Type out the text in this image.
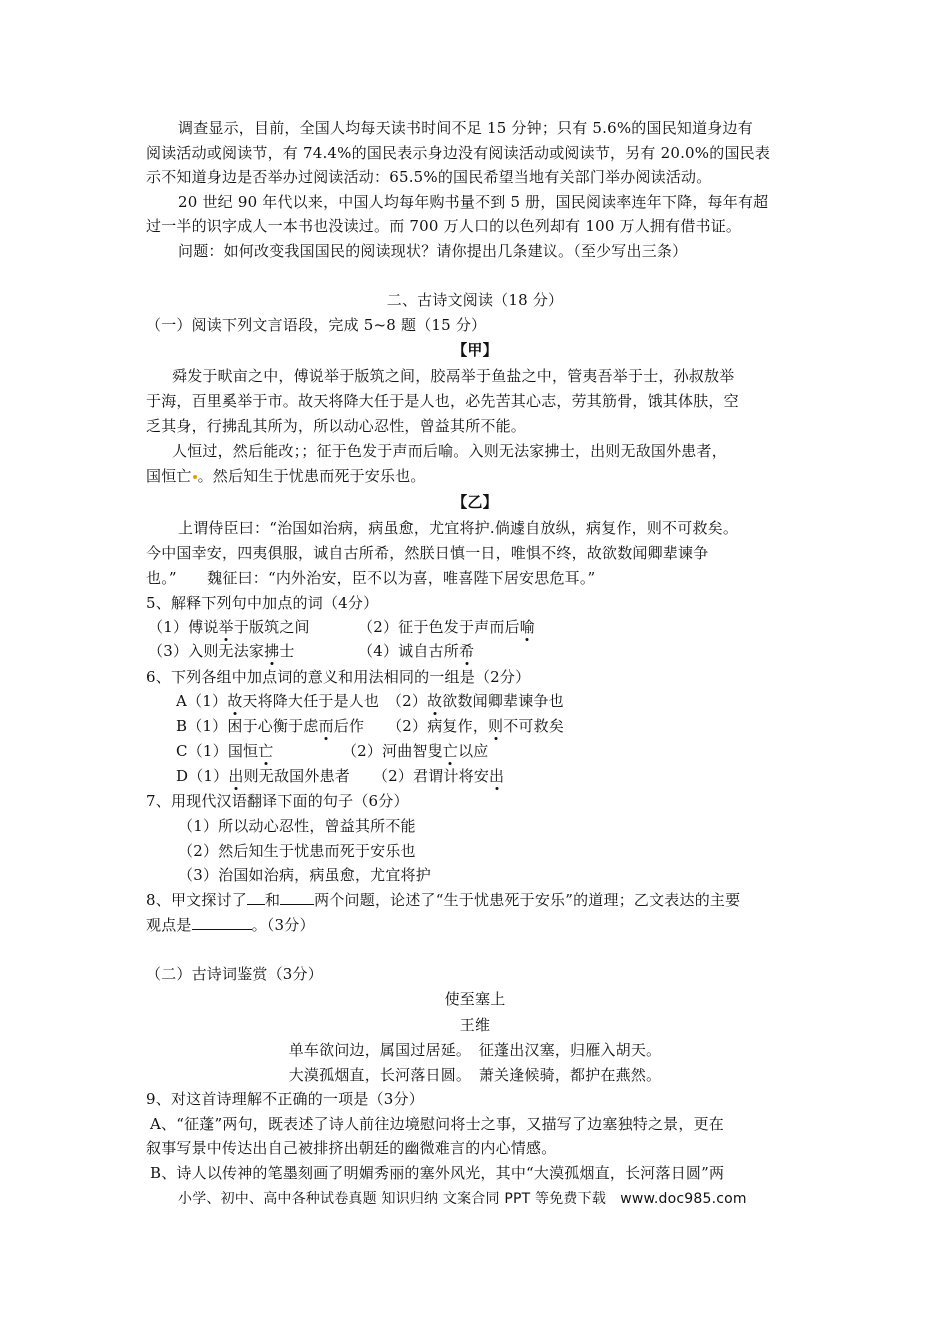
调查显示，目前，全国人均每天读书时间不足 15 分钟；只有 5.6%的国民知道身边有
阅读活动或阅读节，有 74.4%的国民表示身边没有阅读活动或阅读节，另有 20.0%的国民表
示不知道身边是否举办过阅读活动：65.5%的国民希望当地有关部门举办阅读活动。
20 世纪 90 年代以来，中国人均每年购书量不到 5 册，国民阅读率连年下降，每年有超
过一半的识字成人一本书也没读过。而 700 万人口的以色列却有 100 万人拥有借书证。
问题：如何改变我国国民的阅读现状？请你提出几条建议。（至少写出三条）
二、古诗文阅读（18 分）
（一）阅读下列文言语段，完成 5~8 题（15 分）
【甲】
舜发于畎亩之中，傅说举于版筑之间，胶鬲举于鱼盐之中，管夷吾举于士，孙叔敖举
于海，百里奚举于市。故天将降大任于是人也，必先苦其心志，劳其筋骨，饿其体肤，空
乏其身，行拂乱其所为，所以动心忍性，曾益其所不能。
人恒过，然后能改；；征于色发于声而后喻。入则无法家拂士，出则无敌国外患者，
国恒亡 。然后知生于忧患而死于安乐也。
【乙】
上谓侍臣曰：“治国如治病，病虽愈，尤宜将护.倘遽自放纵，病复作，则不可救矣。
今中国幸安，四夷俱服，诚自古所希，然朕日慎一日，唯惧不终，故欲数闻卿辈谏争
也。”　　魏征曰：“内外治安，臣不以为喜，唯喜陛下居安思危耳。”
5、解释下列句中加点的词（4分）
（1）傅说举于版筑之间	（2）征于色发于声而后喻
（3）入则无法家拂士	（4）诚自古所希
6、下列各组中加点词的意义和用法相同的一组是（2分）
A（1）故天将降大任于是人也　（2）故欲数闻卿辈谏争也
B（1）困于心衡于虑而后作　　（2）病复作，则不可救矣
C（1）国恒亡　　　　　（2）河曲智叟亡以应
D（1）出则无敌国外患者　　（2）君谓计将安出
7、用现代汉语翻译下面的句子（6分）
（1）所以动心忍性，曾益其所不能
（2）然后知生于忧患而死于安乐也
（3）治国如治病，病虽愈，尤宜将护
8、甲文探讨了 和 两个问题，论述了“生于忧患死于安乐”的道理；乙文表达的主要
观点是	。（3分）
（二）古诗词鉴赏（3分）
使至塞上
王维
单车欲问边，属国过居延。　征蓬出汉塞，归雁入胡天。
大漠孤烟直，长河落日圆。　萧关逢候骑，都护在燕然。
9、对这首诗理解不正确的一项是（3分）
A、“征蓬”两句，既表述了诗人前往边境慰问将士之事，又描写了边塞独特之景，更在
叙事写景中传达出自己被排挤出朝廷的幽微难言的内心情感。
B、诗人以传神的笔墨刻画了明媚秀丽的塞外风光，其中“大漠孤烟直，长河落日圆”两
小学、初中、高中各种试卷真题 知识归纳 文案合同 PPT 等免费下载　www.doc985.com
